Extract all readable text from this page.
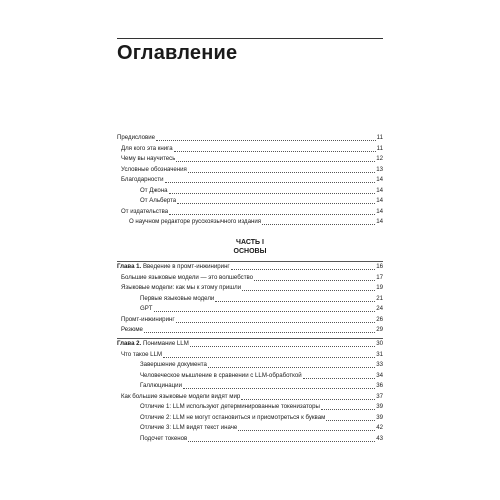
Оглавление
Предисловие	11
Для кого эта книга	11
Чему вы научитесь	12
Условные обозначения	13
Благодарности	14
От Джона	14
От Альберта	14
От издательства	14
О научном редакторе русскоязычного издания	14
ЧАСТЬ I
ОСНОВЫ
Глава 1. Введение в промт-инжиниринг	16
Большие языковые модели — это волшебство	17
Языковые модели: как мы к этому пришли	19
Первые языковые модели	21
GPT	24
Промт-инжиниринг	26
Резюме	29
Глава 2. Понимание LLM	30
Что такое LLM	31
Завершение документа	33
Человеческое мышление в сравнении с LLM-обработкой	34
Галлюцинации	36
Как большие языковые модели видят мир	37
Отличие 1: LLM используют детерминированные токенизаторы	39
Отличие 2: LLM не могут остановиться и присмотреться к буквам	39
Отличие 3: LLM видят текст иначе	42
Подсчет токенов	43
